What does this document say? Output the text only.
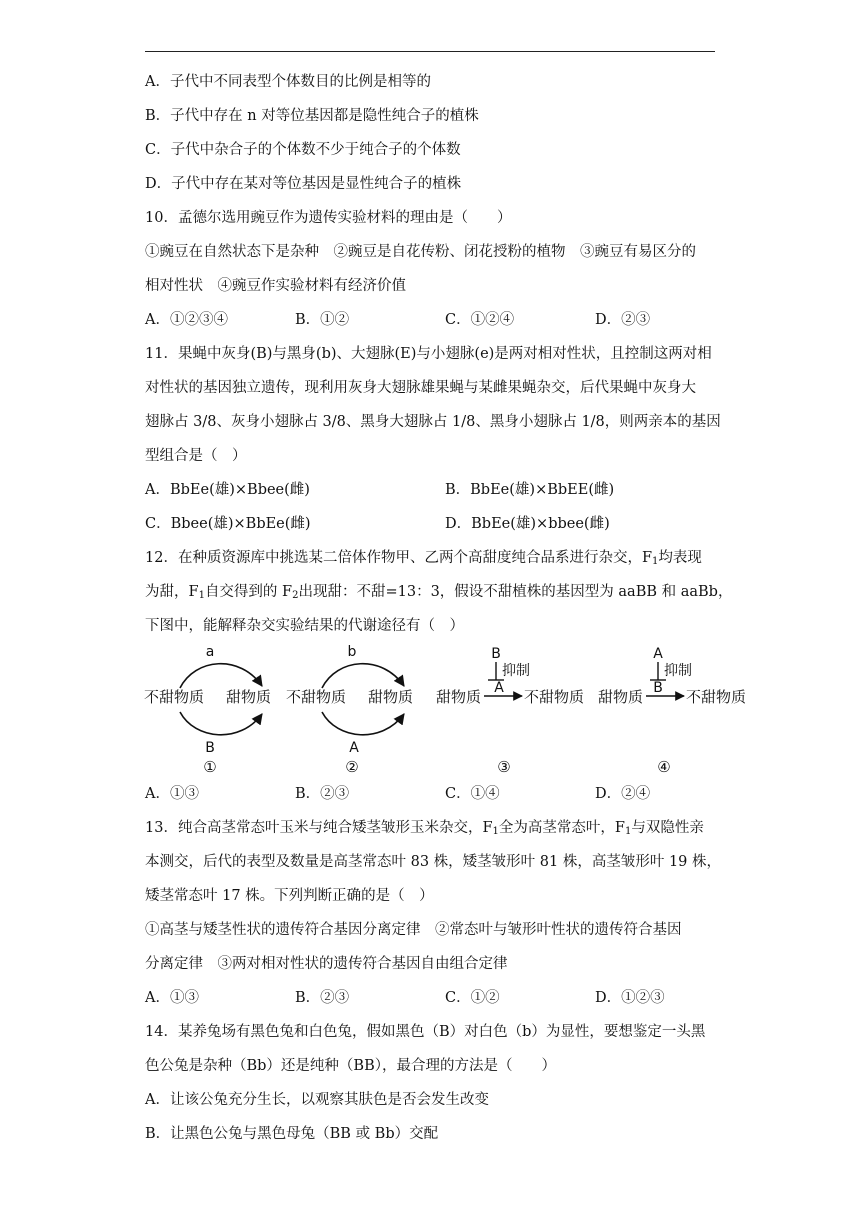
A．子代中不同表型个体数目的比例是相等的
B．子代中存在 n 对等位基因都是隐性纯合子的植株
C．子代中杂合子的个体数不少于纯合子的个体数
D．子代中存在某对等位基因是显性纯合子的植株
10．孟德尔选用豌豆作为遗传实验材料的理由是（　　）
①豌豆在自然状态下是杂种　②豌豆是自花传粉、闭花授粉的植物　③豌豆有易区分的
相对性状　④豌豆作实验材料有经济价值
A．①②③④	B．①②	C．①②④	D．②③
11．果蝇中灰身(B)与黑身(b)、大翅脉(E)与小翅脉(e)是两对相对性状，且控制这两对相
对性状的基因独立遗传，现利用灰身大翅脉雄果蝇与某雌果蝇杂交，后代果蝇中灰身大
翅脉占 3/8、灰身小翅脉占 3/8、黑身大翅脉占 1/8、黑身小翅脉占 1/8，则两亲本的基因
型组合是（　）
A．BbEe(雄)×Bbee(雌)	B．BbEe(雄)×BbEE(雌)
C．Bbee(雄)×BbEe(雌)	D．BbEe(雄)×bbee(雌)
12．在种质资源库中挑选某二倍体作物甲、乙两个高甜度纯合品系进行杂交，$F_1$均表现
为甜，$F_1$自交得到的 $F_2$出现甜：不甜=13：3，假设不甜植株的基因型为 aaBB 和 aaBb，
下图中，能解释杂交实验结果的代谢途径有（　）
a
不甜物质 甜物质
B
①
b
不甜物质 甜物质
A
②
B
抑制
A
甜物质	不甜物质
③
A
抑制
B
甜物质	不甜物质
④
A．①③	B．②③	C．①④	D．②④
13．纯合高茎常态叶玉米与纯合矮茎皱形玉米杂交，$F_1$全为高茎常态叶，$F_1$与双隐性亲
本测交，后代的表型及数量是高茎常态叶 83 株，矮茎皱形叶 81 株，高茎皱形叶 19 株，
矮茎常态叶 17 株。下列判断正确的是（　）
①高茎与矮茎性状的遗传符合基因分离定律　②常态叶与皱形叶性状的遗传符合基因
分离定律　③两对相对性状的遗传符合基因自由组合定律
A．①③	B．②③	C．①②	D．①②③
14．某养兔场有黑色兔和白色兔，假如黑色（B）对白色（b）为显性，要想鉴定一头黑
色公兔是杂种（Bb）还是纯种（BB），最合理的方法是（　　）
A．让该公兔充分生长，以观察其肤色是否会发生改变
B．让黑色公兔与黑色母兔（BB 或 Bb）交配
